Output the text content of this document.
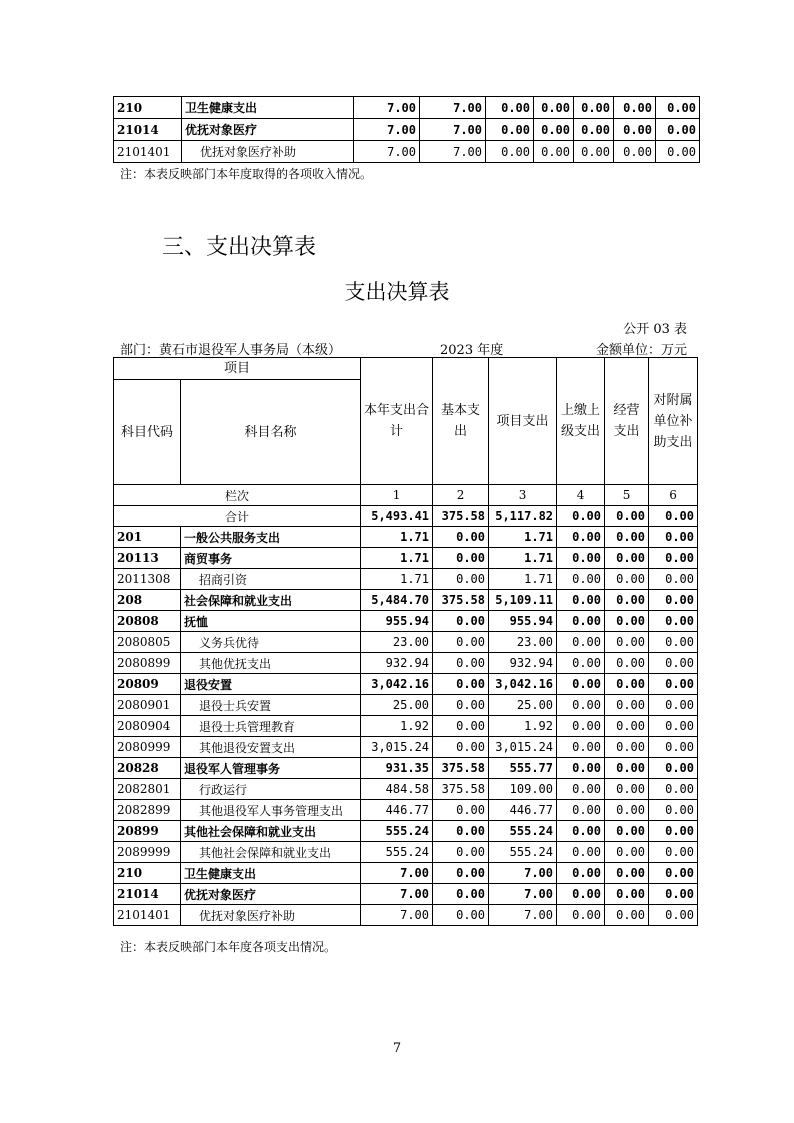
210	卫生健康支出	7.00	7.00	0.00	0.00	0.00	0.00	0.00
21014	优抚对象医疗	7.00	7.00	0.00	0.00	0.00	0.00	0.00
2101401	优抚对象医疗补助	7.00	7.00	0.00	0.00	0.00	0.00	0.00
注：本表反映部门本年度取得的各项收入情况。
三、支出决算表
支出决算表
公开 03 表
部门：黄石市退役军人事务局（本级）	2023 年度	金额单位：万元
项目		本年支出合计	基本支出	项目支出	上缴上级支出	经营支出	对附属单位补助支出
科目代码	科目名称						
栏次		1	2	3	4	5	6
合计		5,493.41	375.58	5,117.82	0.00	0.00	0.00
201	一般公共服务支出	1.71	0.00	1.71	0.00	0.00	0.00
20113	商贸事务	1.71	0.00	1.71	0.00	0.00	0.00
2011308	招商引资	1.71	0.00	1.71	0.00	0.00	0.00
208	社会保障和就业支出	5,484.70	375.58	5,109.11	0.00	0.00	0.00
20808	抚恤	955.94	0.00	955.94	0.00	0.00	0.00
2080805	义务兵优待	23.00	0.00	23.00	0.00	0.00	0.00
2080899	其他优抚支出	932.94	0.00	932.94	0.00	0.00	0.00
20809	退役安置	3,042.16	0.00	3,042.16	0.00	0.00	0.00
2080901	退役士兵安置	25.00	0.00	25.00	0.00	0.00	0.00
2080904	退役士兵管理教育	1.92	0.00	1.92	0.00	0.00	0.00
2080999	其他退役安置支出	3,015.24	0.00	3,015.24	0.00	0.00	0.00
20828	退役军人管理事务	931.35	375.58	555.77	0.00	0.00	0.00
2082801	行政运行	484.58	375.58	109.00	0.00	0.00	0.00
2082899	其他退役军人事务管理支出	446.77	0.00	446.77	0.00	0.00	0.00
20899	其他社会保障和就业支出	555.24	0.00	555.24	0.00	0.00	0.00
2089999	其他社会保障和就业支出	555.24	0.00	555.24	0.00	0.00	0.00
210	卫生健康支出	7.00	0.00	7.00	0.00	0.00	0.00
21014	优抚对象医疗	7.00	0.00	7.00	0.00	0.00	0.00
2101401	优抚对象医疗补助	7.00	0.00	7.00	0.00	0.00	0.00
注：本表反映部门本年度各项支出情况。
7
